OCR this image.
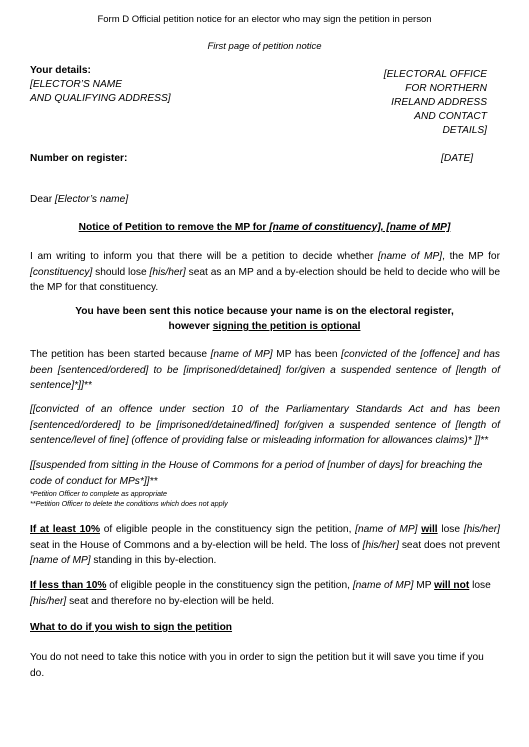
Form D Official petition notice for an elector who may sign the petition in person
First page of petition notice
Your details:
[ELECTOR’S NAME
AND QUALIFYING ADDRESS]
[ELECTORAL OFFICE
FOR NORTHERN
IRELAND ADDRESS
AND CONTACT
DETAILS]
Number on register:	[DATE]
Dear [Elector’s name]
Notice of Petition to remove the MP for [name of constituency], [name of MP]

I am writing to inform you that there will be a petition to decide whether [name of MP], the MP for [constituency] should lose [his/her] seat as an MP and a by-election should be held to decide who will be the MP for that constituency.

You have been sent this notice because your name is on the electoral register,
however signing the petition is optional

The petition has been started because [name of MP] MP has been [convicted of the [offence] and has been [sentenced/ordered] to be [imprisoned/detained] for/given a suspended sentence of [length of sentence]*]]**

[[convicted of an offence under section 10 of the Parliamentary Standards Act and has been [sentenced/ordered] to be [imprisoned/detained/fined] for/given a suspended sentence of [length of sentence/level of fine] (offence of providing false or misleading information for allowances claims)* ]]**

[[suspended from sitting in the House of Commons for a period of [number of days] for breaching the code of conduct for MPs*]]**

*Petition Officer to complete as appropriate
**Petition Officer to delete the conditions which does not apply

If at least 10% of eligible people in the constituency sign the petition, [name of MP] will lose [his/her] seat in the House of Commons and a by-election will be held. The loss of [his/her] seat does not prevent [name of MP] standing in this by-election.

If less than 10% of eligible people in the constituency sign the petition, [name of MP] MP will not lose [his/her] seat and therefore no by-election will be held.

What to do if you wish to sign the petition

You do not need to take this notice with you in order to sign the petition but it will save you time if you do.
